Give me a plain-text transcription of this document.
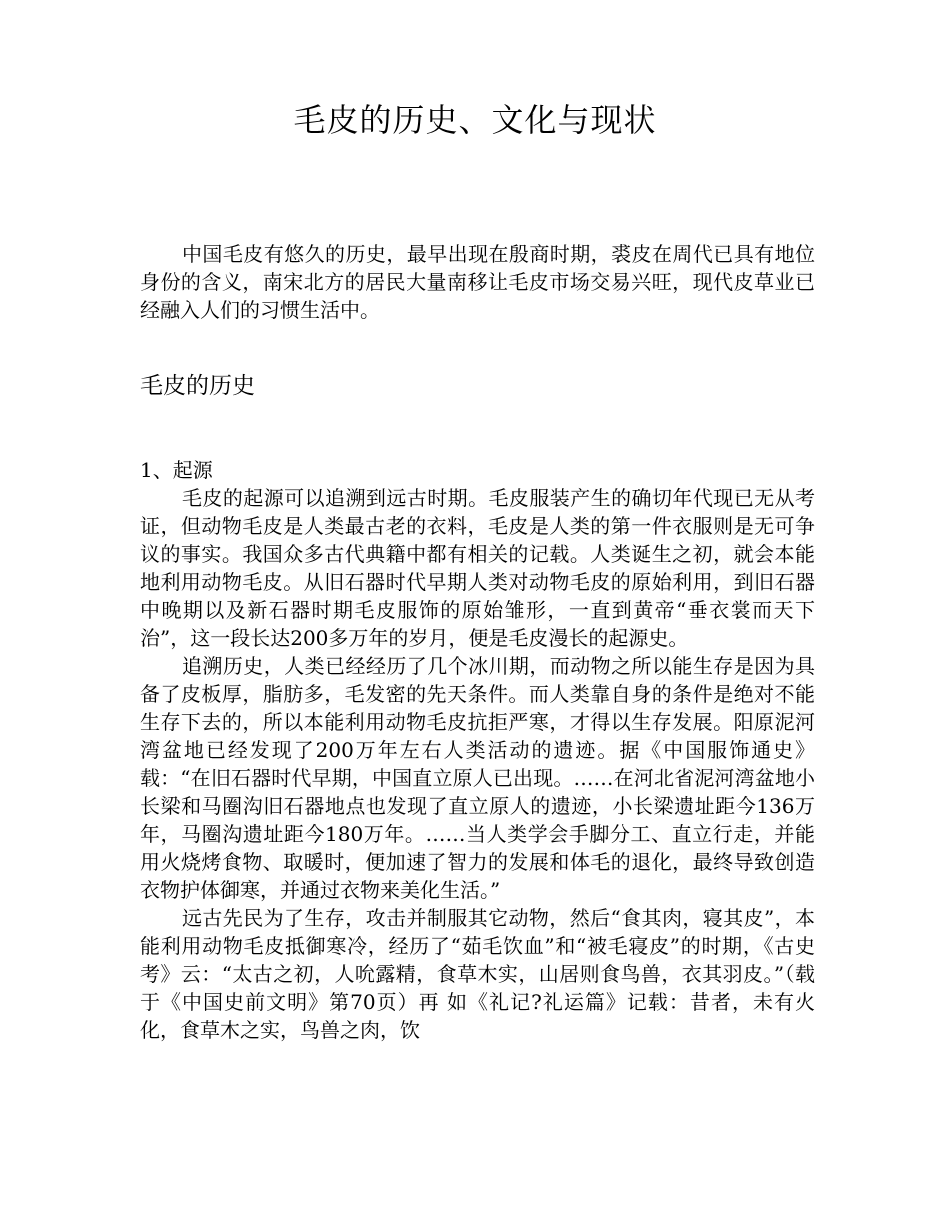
毛皮的历史、文化与现状

中国毛皮有悠久的历史，最早出现在殷商时期，裘皮在周代已具有地位身份的含义，南宋北方的居民大量南移让毛皮市场交易兴旺，现代皮草业已经融入人们的习惯生活中。

毛皮的历史
1、起源

毛皮的起源可以追溯到远古时期。毛皮服装产生的确切年代现已无从考证，但动物毛皮是人类最古老的衣料，毛皮是人类的第一件衣服则是无可争议的事实。我国众多古代典籍中都有相关的记载。人类诞生之初，就会本能地利用动物毛皮。从旧石器时代早期人类对动物毛皮的原始利用，到旧石器中晚期以及新石器时期毛皮服饰的原始雏形，一直到黄帝“垂衣裳而天下治”，这一段长达200多万年的岁月，便是毛皮漫长的起源史。

追溯历史，人类已经经历了几个冰川期，而动物之所以能生存是因为具备了皮板厚，脂肪多，毛发密的先天条件。而人类靠自身的条件是绝对不能生存下去的，所以本能利用动物毛皮抗拒严寒，才得以生存发展。阳原泥河湾盆地已经发现了200万年左右人类活动的遗迹。据《中国服饰通史》载：“在旧石器时代早期，中国直立原人已出现。……在河北省泥河湾盆地小长梁和马圈沟旧石器地点也发现了直立原人的遗迹，小长梁遗址距今136万年，马圈沟遗址距今180万年。……当人类学会手脚分工、直立行走，并能用火烧烤食物、取暖时，便加速了智力的发展和体毛的退化，最终导致创造衣物护体御寒，并通过衣物来美化生活。”

远古先民为了生存，攻击并制服其它动物，然后“食其肉，寝其皮”，本能利用动物毛皮抵御寒冷，经历了“茹毛饮血”和“被毛寝皮”的时期，《古史考》云：“太古之初，人吮露精，食草木实，山居则食鸟兽，衣其羽皮。”（载于《中国史前文明》第70页）再 如《礼记?礼运篇》记载：昔者，未有火化，食草木之实，鸟兽之肉，饮
